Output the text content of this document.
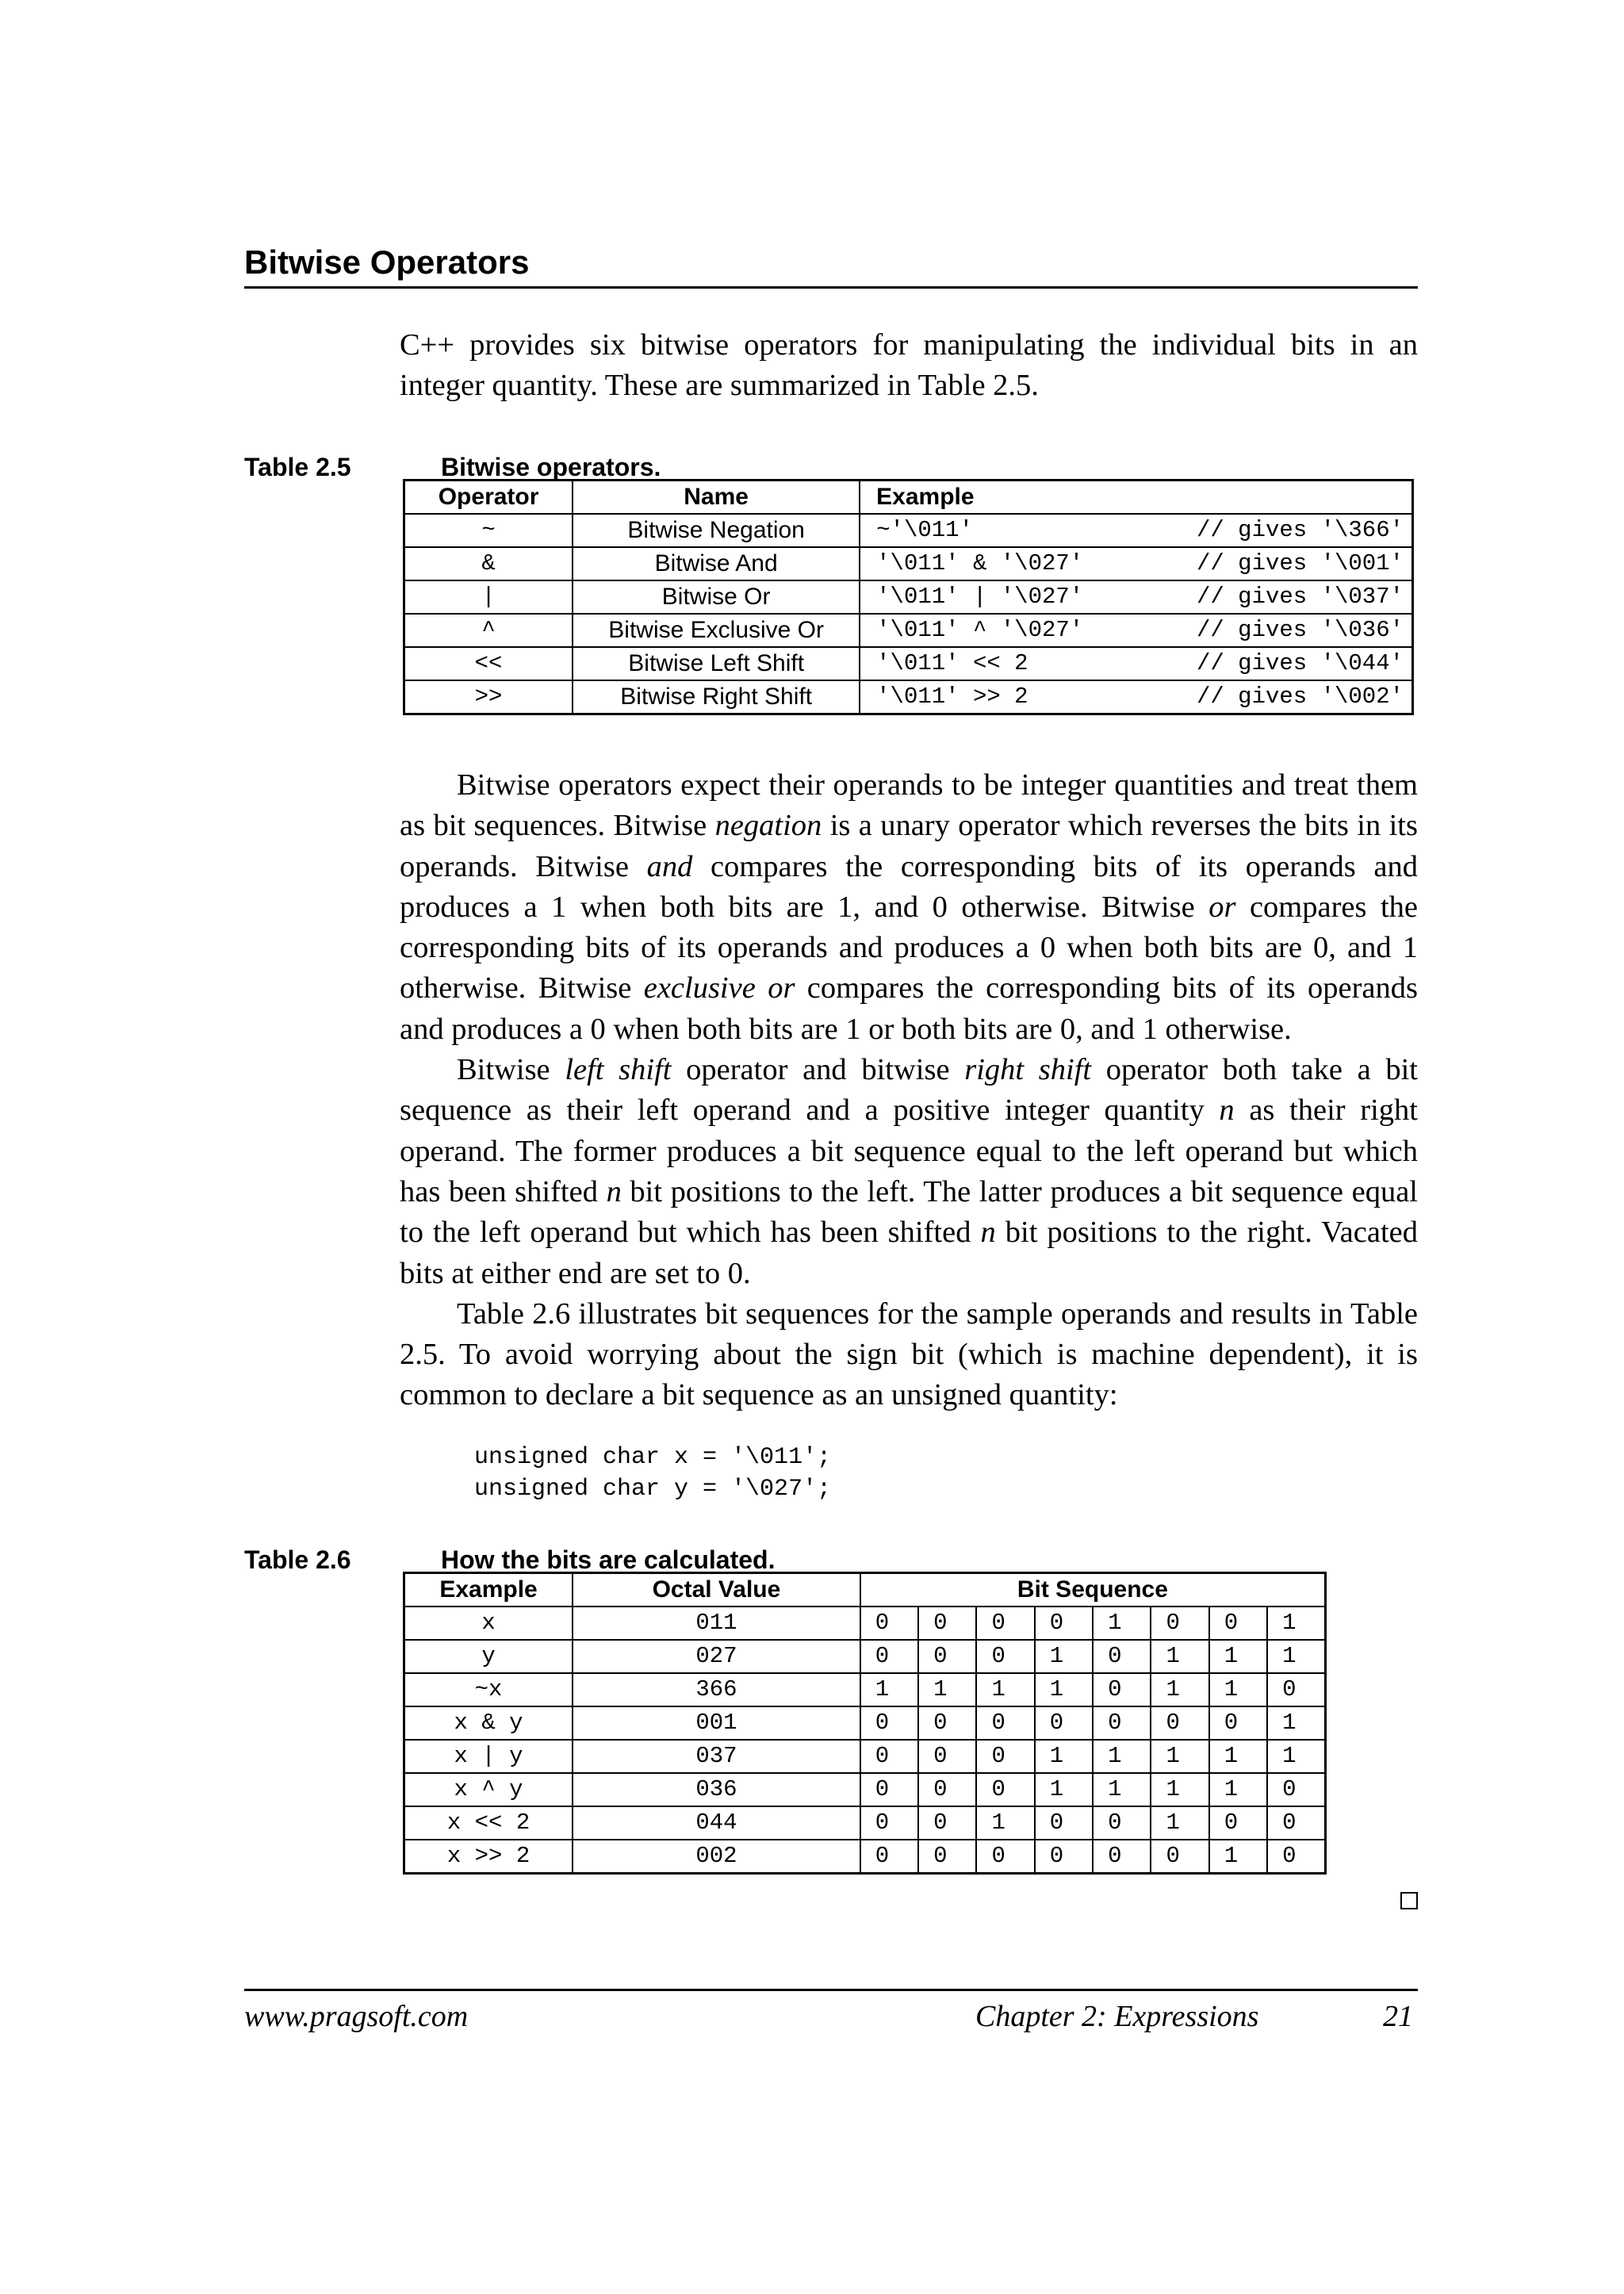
Bitwise Operators

C++ provides six bitwise operators for manipulating the individual bits in an integer quantity. These are summarized in Table 2.5.

Table 2.5	Bitwise operators.
Operator	Name	Example
~	Bitwise Negation	~'\011' // gives '\366'

&	Bitwise And	'\011' & '\027' // gives '\001'

|	Bitwise Or	'\011' | '\027' // gives '\037'

^	Bitwise Exclusive Or	'\011' ^ '\027' // gives '\036'

<<	Bitwise Left Shift	'\011' << 2 // gives '\044'

>>	Bitwise Right Shift	'\011' >> 2 // gives '\002'

Bitwise operators expect their operands to be integer quantities and treat them as bit sequences. Bitwise negation is a unary operator which reverses the bits in its operands. Bitwise and compares the corresponding bits of its operands and produces a 1 when both bits are 1, and 0 otherwise. Bitwise or compares the corresponding bits of its operands and produces a 0 when both bits are 0, and 1 otherwise. Bitwise exclusive or compares the corresponding bits of its operands and produces a 0 when both bits are 1 or both bits are 0, and 1 otherwise.

Bitwise left shift operator and bitwise right shift operator both take a bit sequence as their left operand and a positive integer quantity n as their right operand. The former produces a bit sequence equal to the left operand but which has been shifted n bit positions to the left. The latter produces a bit sequence equal to the left operand but which has been shifted n bit positions to the right. Vacated bits at either end are set to 0.

Table 2.6 illustrates bit sequences for the sample operands and results in Table 2.5. To avoid worrying about the sign bit (which is machine dependent), it is common to declare a bit sequence as an unsigned quantity:

unsigned char x = '\011';
unsigned char y = '\027';
Table 2.6	How the bits are calculated.
Example	Octal Value	Bit Sequence							
x	011	0	0	0	0	1	0	0	1
y	027	0	0	0	1	0	1	1	1
~x	366	1	1	1	1	0	1	1	0
x & y	001	0	0	0	0	0	0	0	1
x | y	037	0	0	0	1	1	1	1	1
x ^ y	036	0	0	0	1	1	1	1	0
x << 2	044	0	0	1	0	0	1	0	0
x >> 2	002	0	0	0	0	0	0	1	0
www.pragsoft.com	Chapter 2: Expressions	21
